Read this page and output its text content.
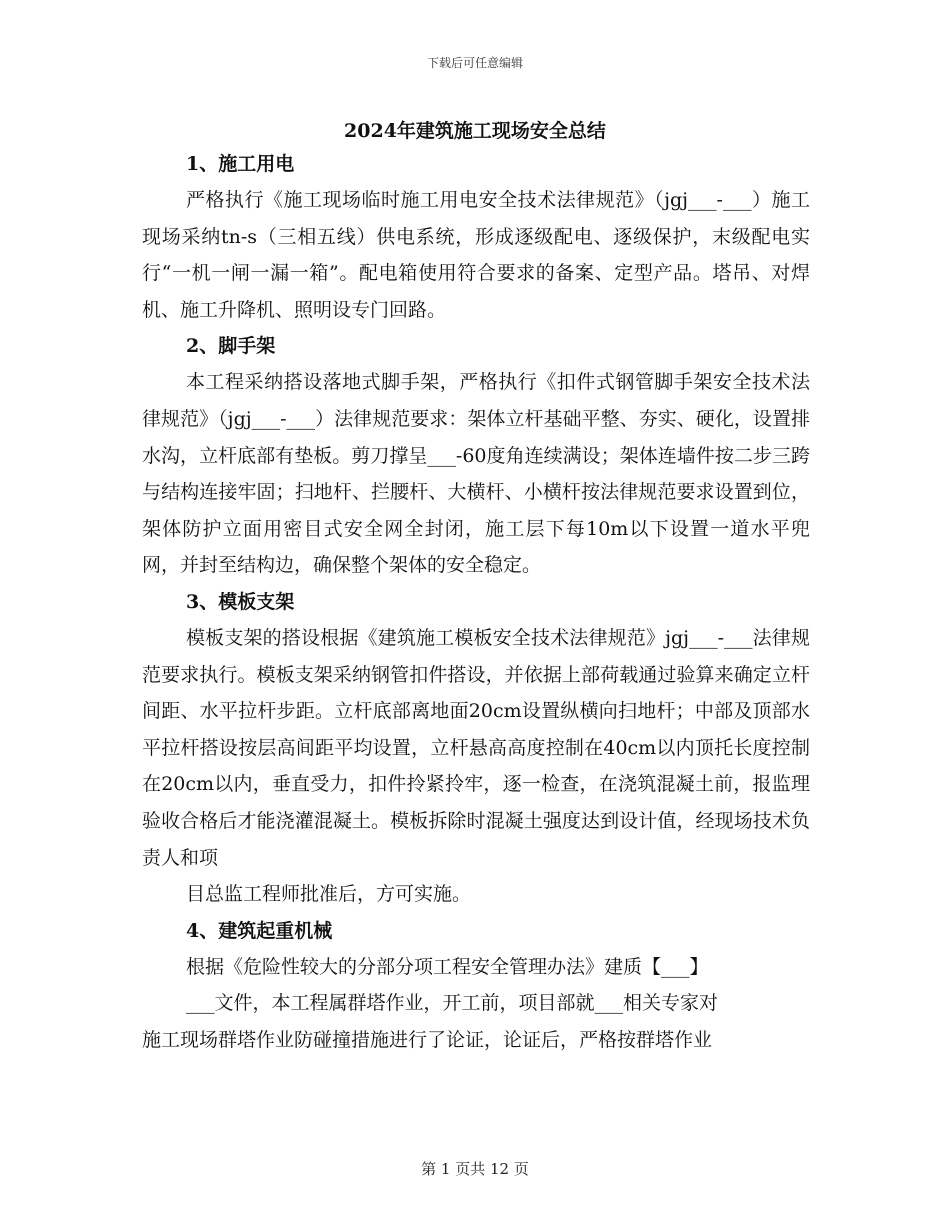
下载后可任意编辑
2024年建筑施工现场安全总结
1、施工用电
严格执行《施工现场临时施工用电安全技术法律规范》（jgj___-___）施工现场采纳tn-s（三相五线）供电系统，形成逐级配电、逐级保护，末级配电实行“一机一闸一漏一箱”。配电箱使用符合要求的备案、定型产品。塔吊、对焊机、施工升降机、照明设专门回路。
2、脚手架
本工程采纳搭设落地式脚手架，严格执行《扣件式钢管脚手架安全技术法律规范》（jgj___-___）法律规范要求：架体立杆基础平整、夯实、硬化，设置排水沟，立杆底部有垫板。剪刀撑呈___-60度角连续满设；架体连墙件按二步三跨与结构连接牢固；扫地杆、拦腰杆、大横杆、小横杆按法律规范要求设置到位，架体防护立面用密目式安全网全封闭，施工层下每10m以下设置一道水平兜网，并封至结构边，确保整个架体的安全稳定。
3、模板支架
模板支架的搭设根据《建筑施工模板安全技术法律规范》jgj___-___法律规范要求执行。模板支架采纳钢管扣件搭设，并依据上部荷载通过验算来确定立杆间距、水平拉杆步距。立杆底部离地面20cm设置纵横向扫地杆；中部及顶部水平拉杆搭设按层高间距平均设置，立杆悬高高度控制在40cm以内顶托长度控制在20cm以内，垂直受力，扣件拎紧拎牢，逐一检查，在浇筑混凝土前，报监理验收合格后才能浇灌混凝土。模板拆除时混凝土强度达到设计值，经现场技术负责人和项
目总监工程师批准后，方可实施。
4、建筑起重机械
根据《危险性较大的分部分项工程安全管理办法》建质【___】
___文件，本工程属群塔作业，开工前，项目部就___相关专家对
施工现场群塔作业防碰撞措施进行了论证，论证后，严格按群塔作业
第 1 页共 12 页
